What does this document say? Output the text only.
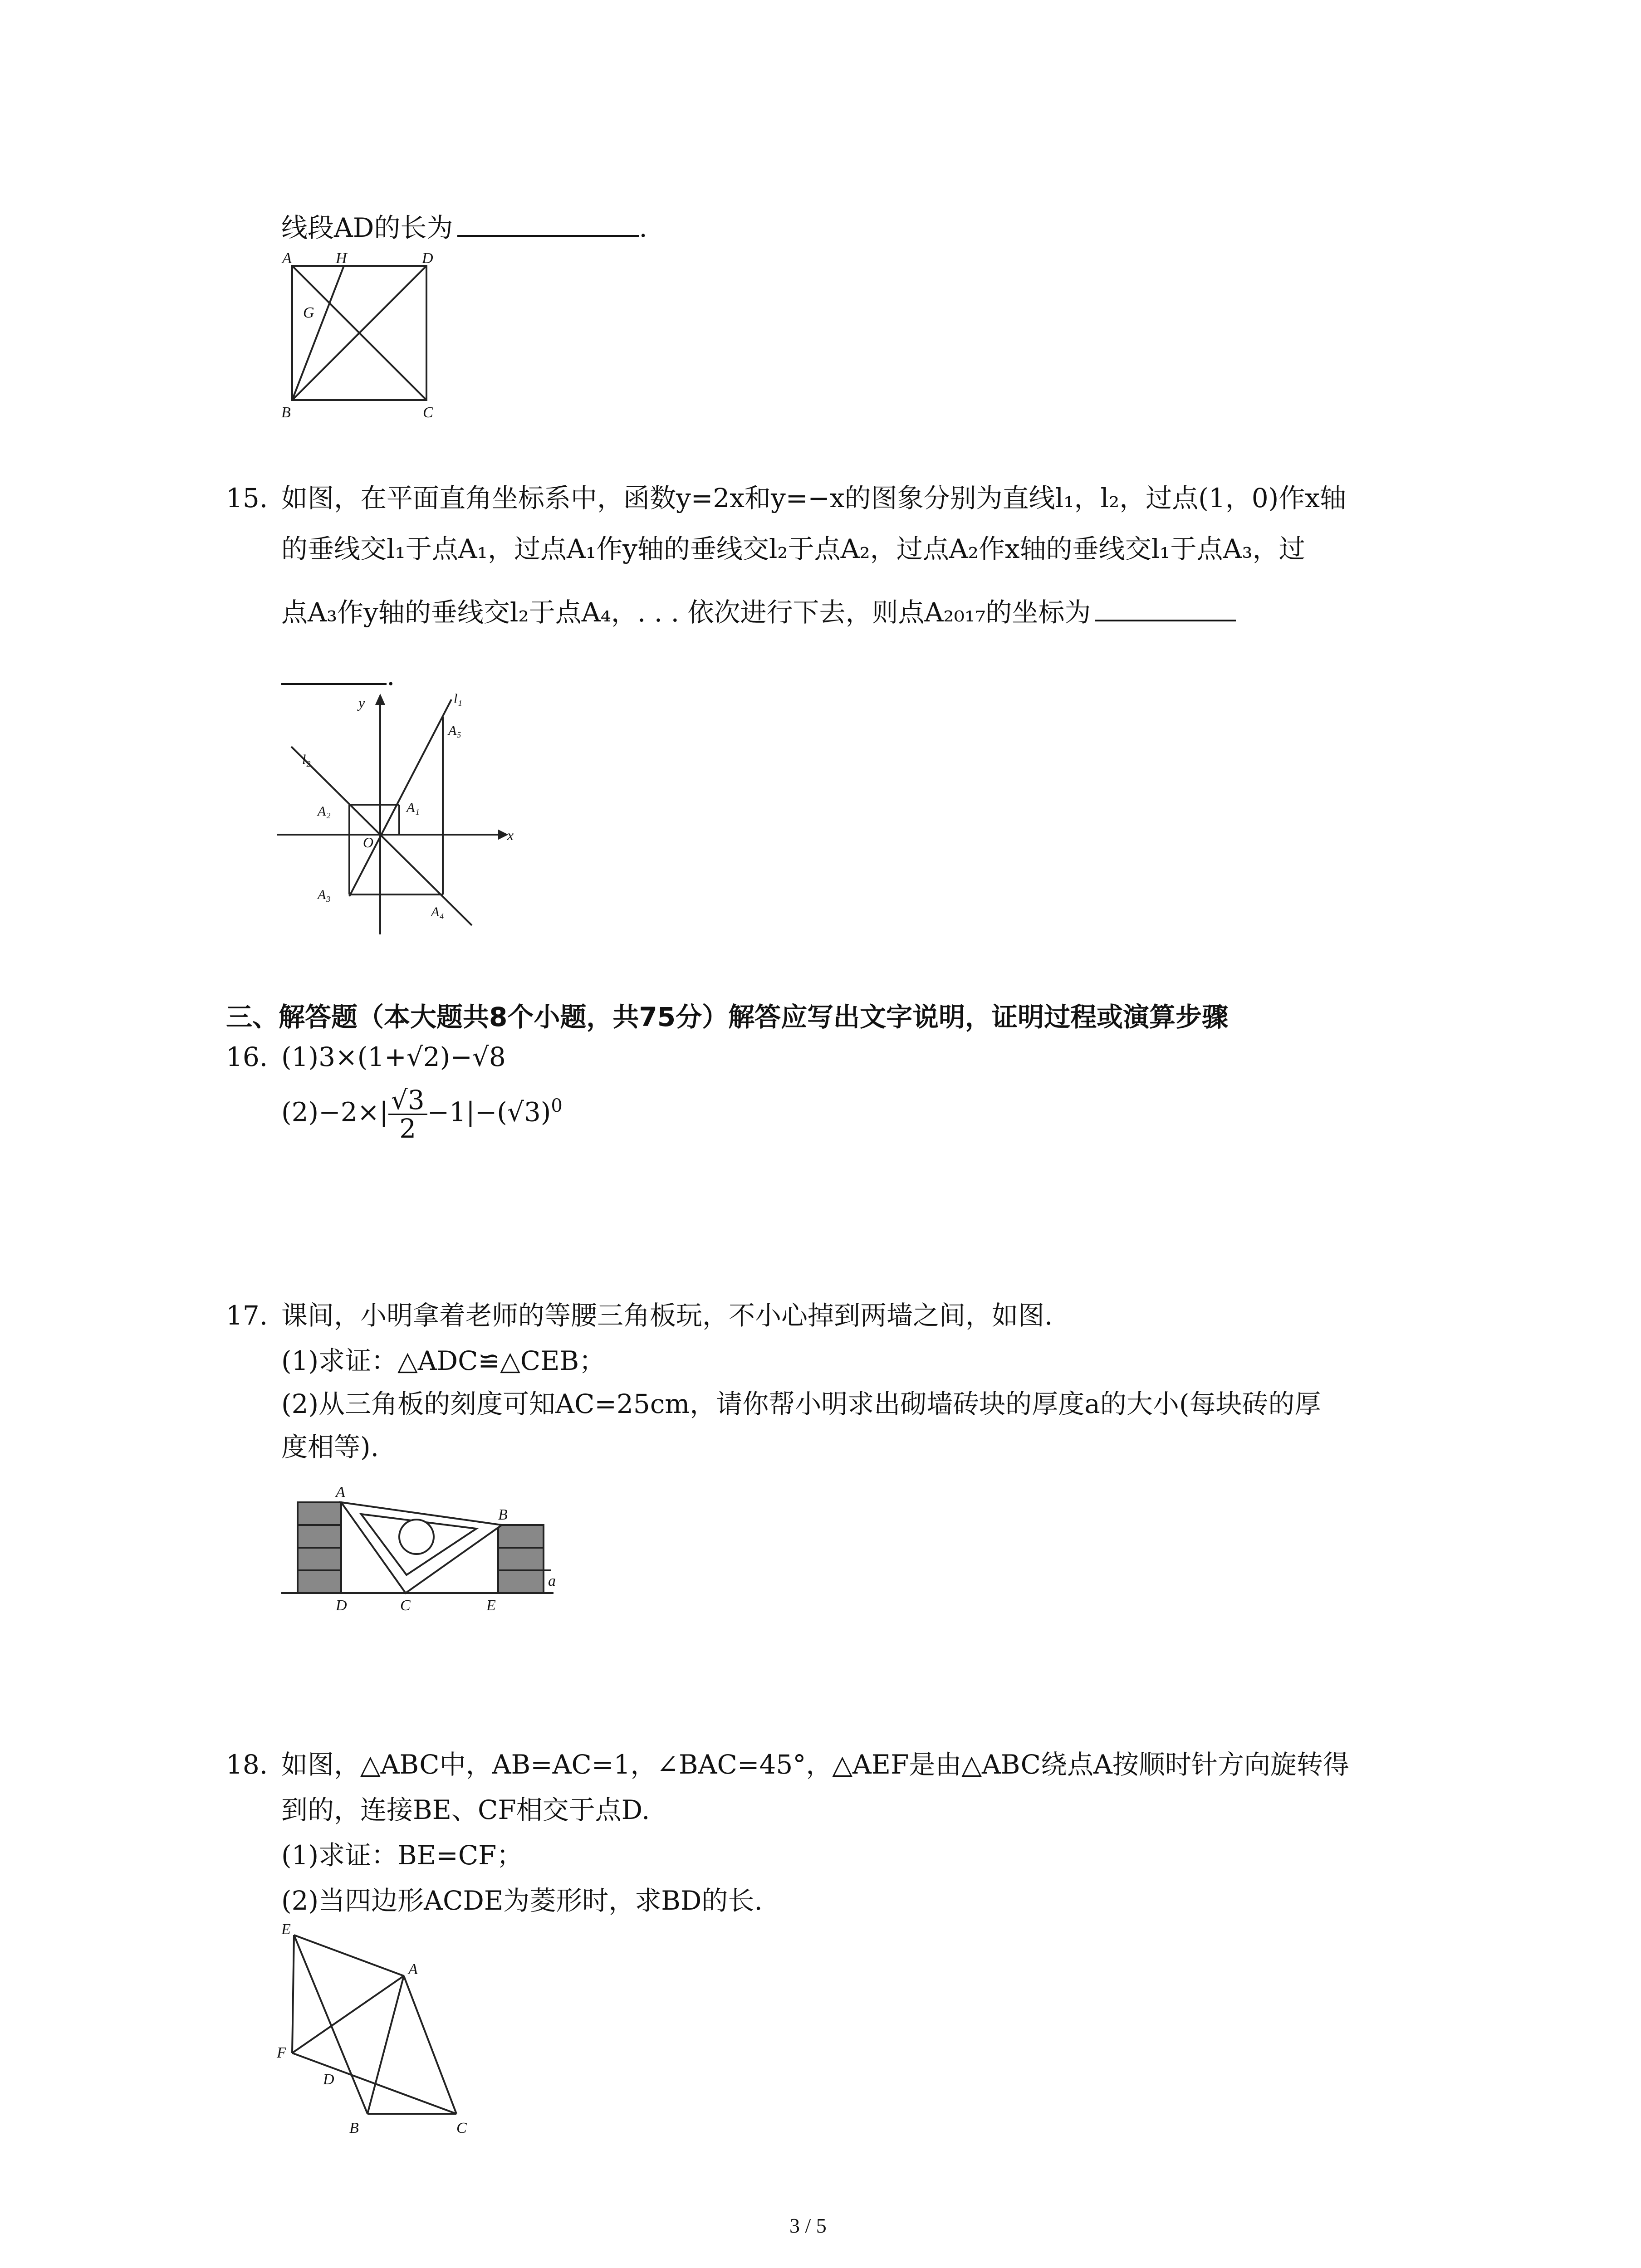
线段AD的长为	.
A	H	D
G
B	C
15. 如图，在平面直角坐标系中，函数y=2x和y=−x的图象分别为直线l₁，l₂，过点(1，0)作x轴
的垂线交l₁于点A₁，过点A₁作y轴的垂线交l₂于点A₂，过点A₂作x轴的垂线交l₁于点A₃，过
点A₃作y轴的垂线交l₂于点A₄，. . . 依次进行下去，则点A₂₀₁₇的坐标为
.
y
x
O
l₁
l₂
A₁
A₂
A₃
A₄
A₅
三、解答题（本大题共8个小题，共75分）解答应写出文字说明，证明过程或演算步骤
16. (1)3×(1+√2)−√8
$(2)-2\times| \frac{√3}{2} -1|-(√3)^0$
17. 课间，小明拿着老师的等腰三角板玩，不小心掉到两墙之间，如图.
(1)求证：△ADC≌△CEB；
(2)从三角板的刻度可知AC=25cm，请你帮小明求出砌墙砖块的厚度a的大小(每块砖的厚
度相等).
A
B
D	C	E
a
18. 如图，△ABC中，AB=AC=1，∠BAC=45°，△AEF是由△ABC绕点A按顺时针方向旋转得
到的，连接BE、CF相交于点D.
(1)求证：BE=CF；
(2)当四边形ACDE为菱形时，求BD的长.
E
A
F
D
B	C
3 / 5
